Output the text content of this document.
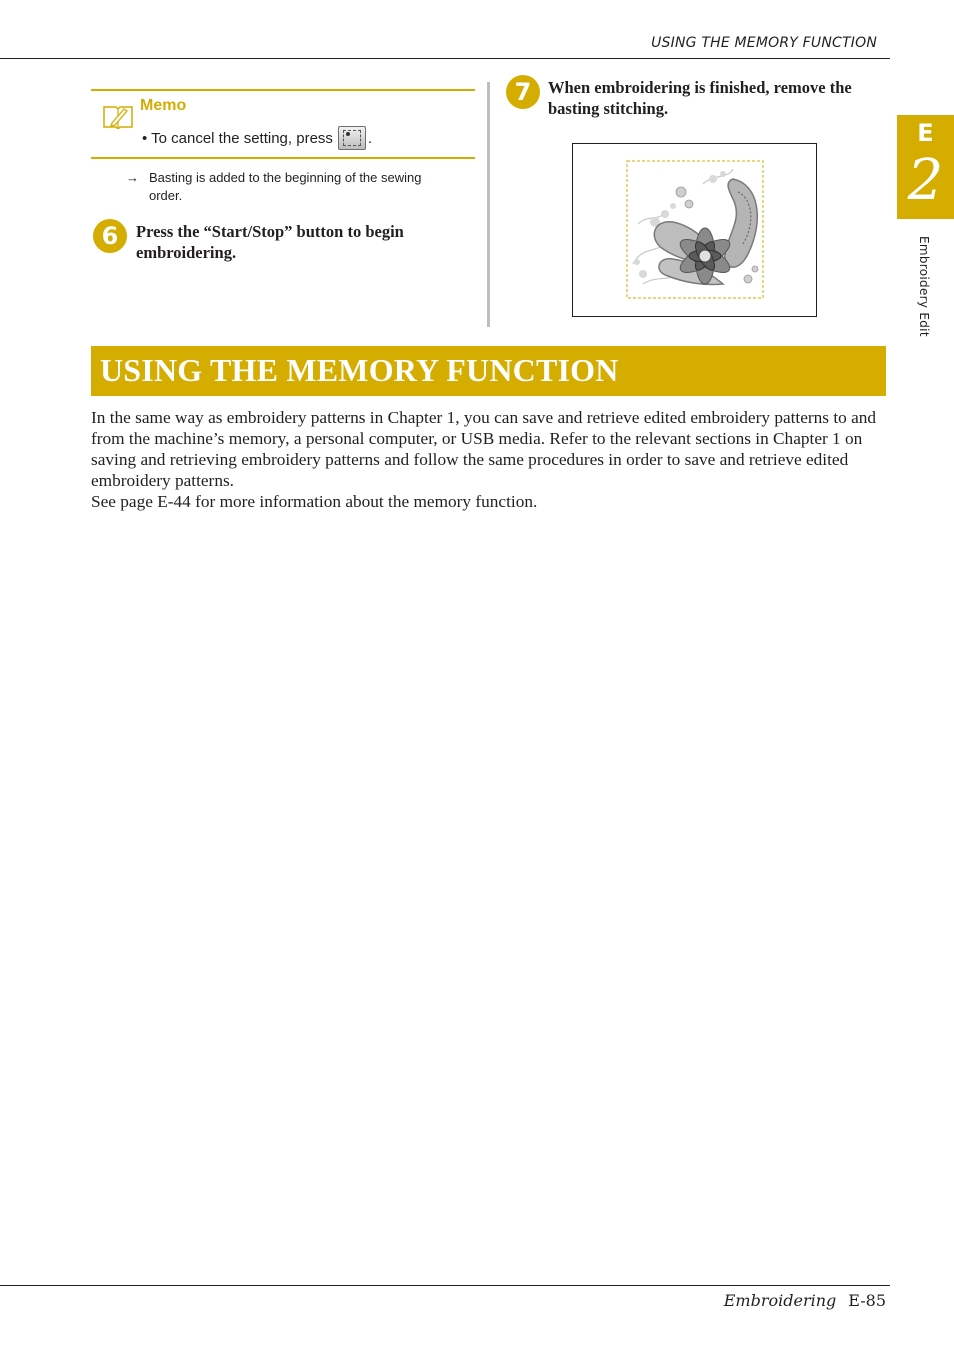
USING THE MEMORY FUNCTION
E
2
Embroidery Edit
Memo
• To cancel the setting, press .
→ Basting is added to the beginning of the sewing order.
6	Press the “Start/Stop” button to begin embroidering.
7	When embroidering is finished, remove the basting stitching.
USING THE MEMORY FUNCTION

In the same way as embroidery patterns in Chapter 1, you can save and retrieve edited embroidery patterns to and from the machine’s memory, a personal computer, or USB media. Refer to the relevant sections in Chapter 1 on saving and retrieving embroidery patterns and follow the same procedures in order to save and retrieve edited embroidery patterns.

See page E-44 for more information about the memory function.

Embroidering E-85
